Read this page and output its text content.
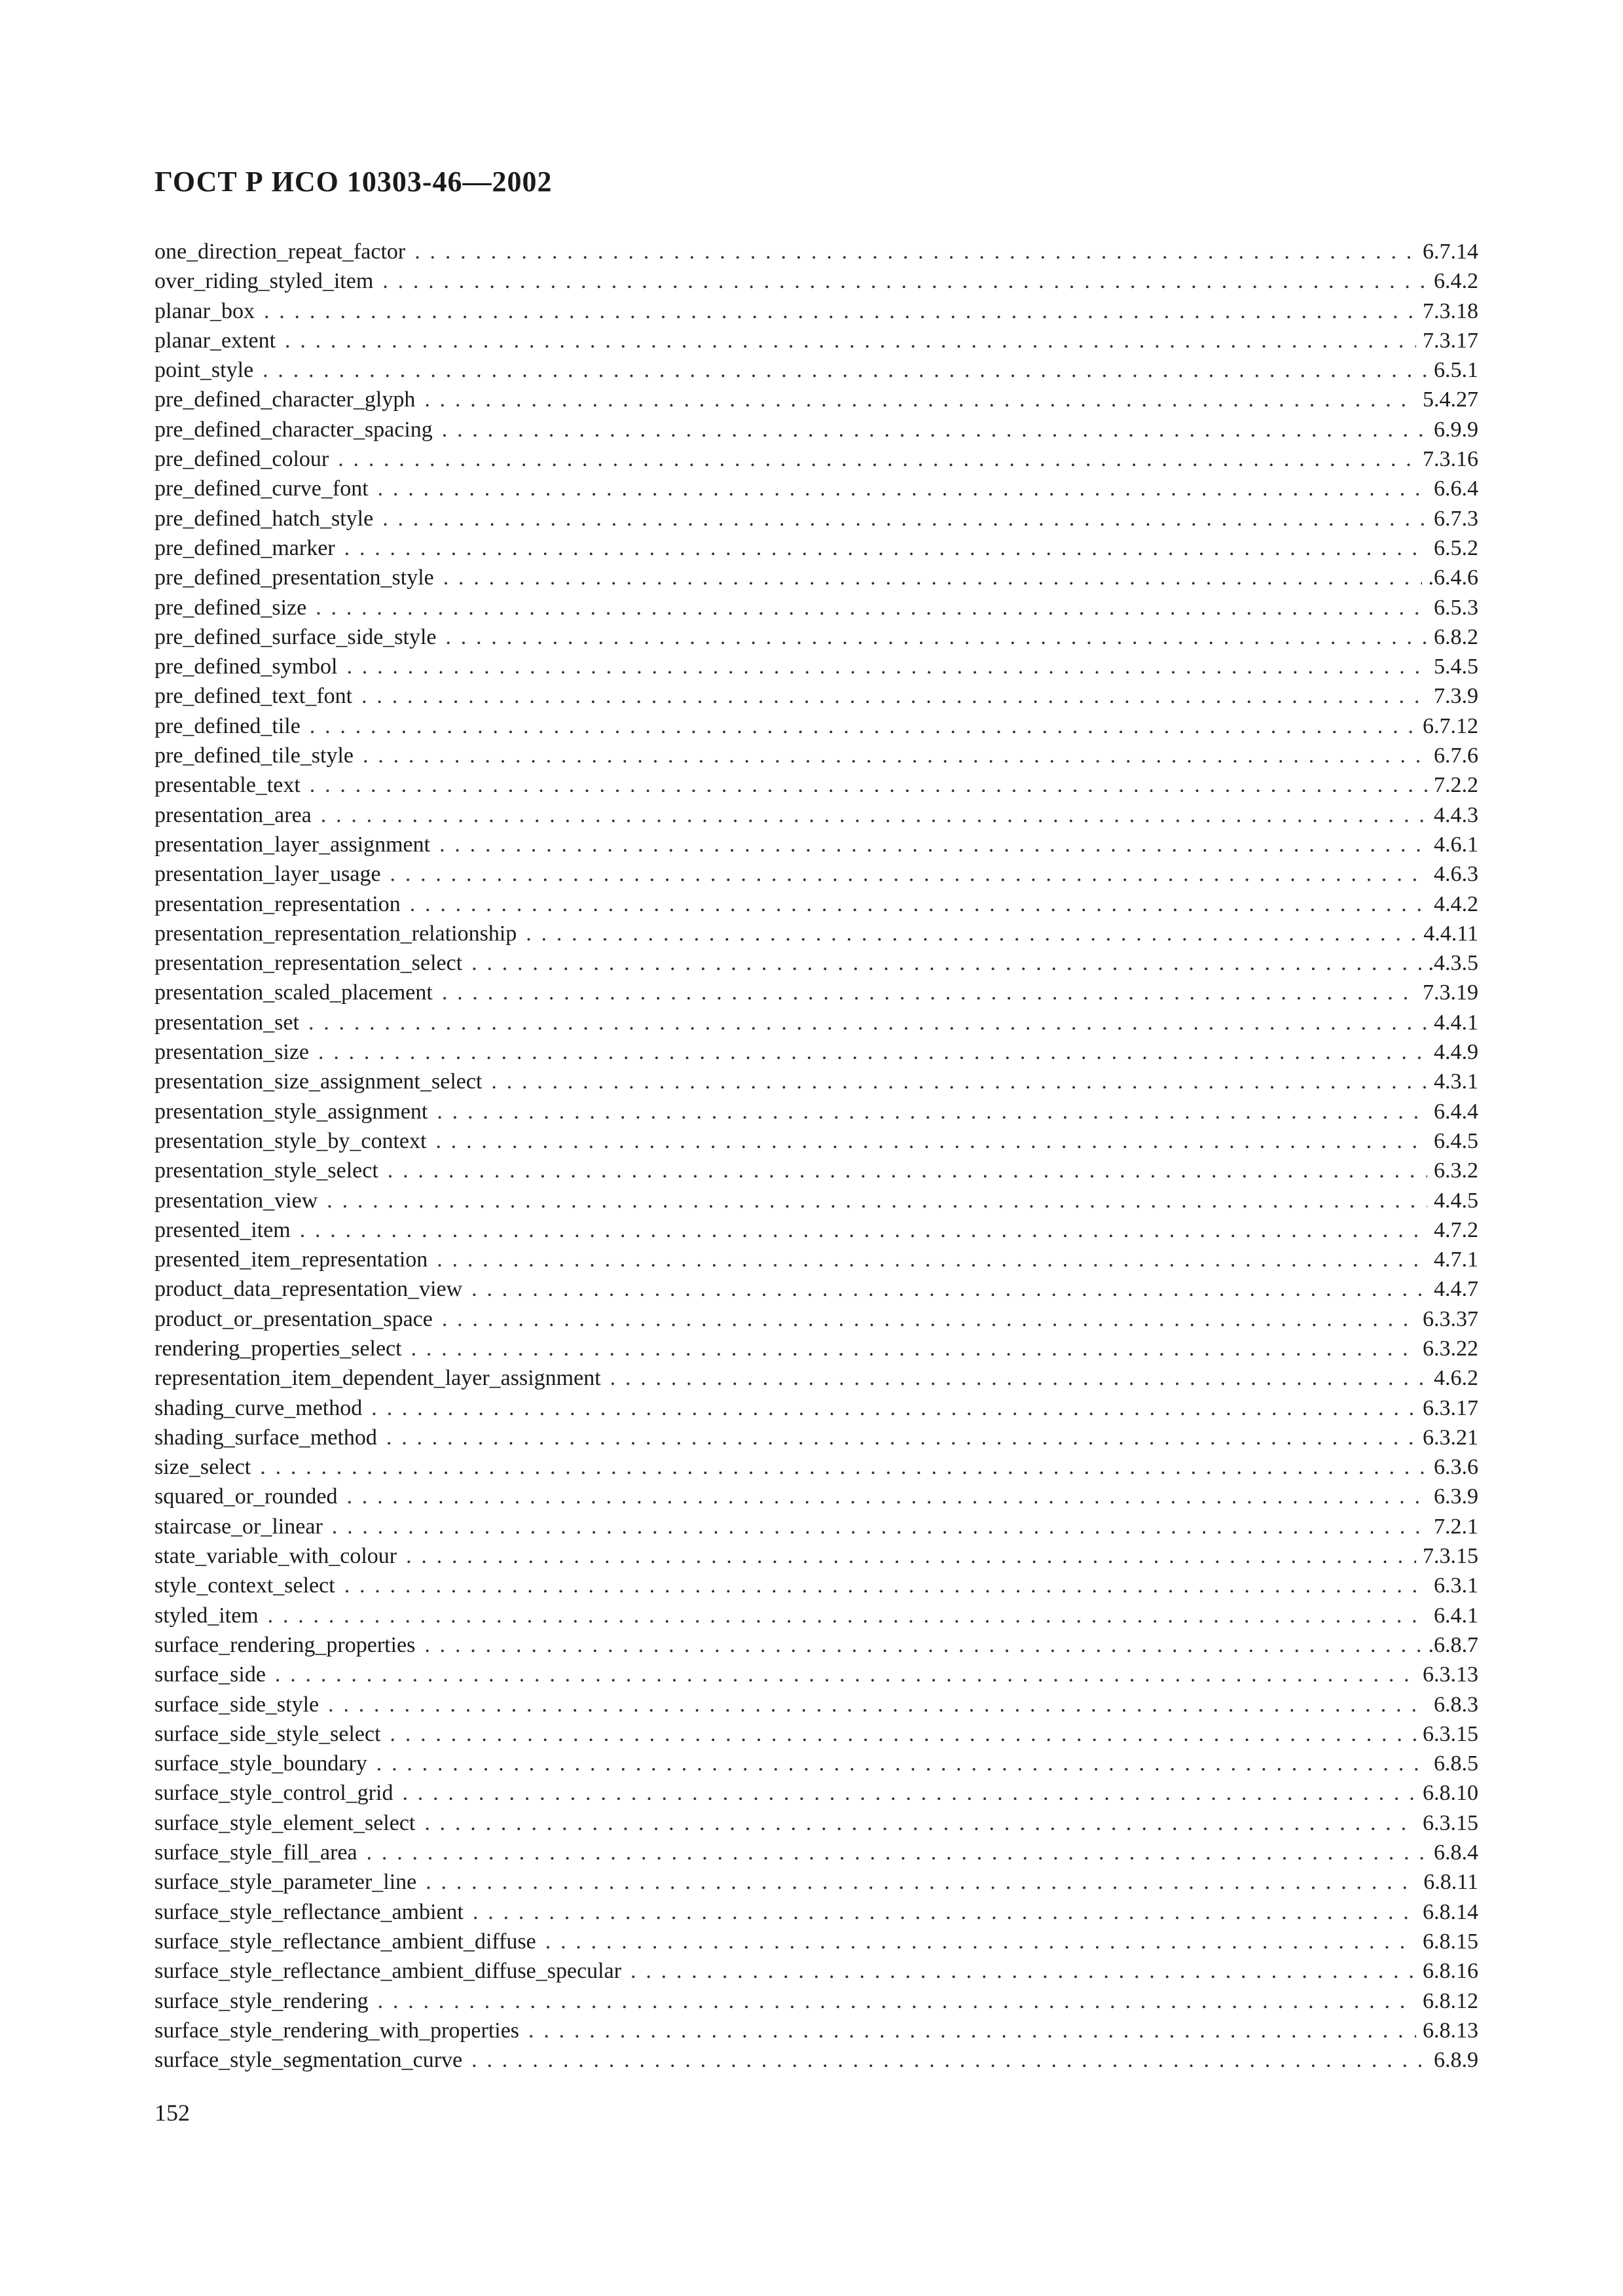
ГОСТ Р ИСО 10303-46—2002
one_direction_repeat_factor . . .	6.7.14
over_riding_styled_item . . .	6.4.2
planar_box . . .	7.3.18
planar_extent . . .	7.3.17
point_style . . .	6.5.1
pre_defined_character_glyph . . .	5.4.27
pre_defined_character_spacing . . .	6.9.9
pre_defined_colour . . .	7.3.16
pre_defined_curve_font . . .	6.6.4
pre_defined_hatch_style . . .	6.7.3
pre_defined_marker . . .	6.5.2
pre_defined_presentation_style . . .	.6.4.6
pre_defined_size . . .	6.5.3
pre_defined_surface_side_style . . .	6.8.2
pre_defined_symbol . . .	5.4.5
pre_defined_text_font . . .	7.3.9
pre_defined_tile . . .	6.7.12
pre_defined_tile_style . . .	6.7.6
presentable_text . . .	7.2.2
presentation_area . . .	4.4.3
presentation_layer_assignment . . .	4.6.1
presentation_layer_usage . . .	4.6.3
presentation_representation . . .	4.4.2
presentation_representation_relationship . . .	4.4.11
presentation_representation_select . . .	.4.3.5
presentation_scaled_placement . . .	7.3.19
presentation_set . . .	4.4.1
presentation_size . . .	4.4.9
presentation_size_assignment_select . . .	4.3.1
presentation_style_assignment . . .	6.4.4
presentation_style_by_context . . .	6.4.5
presentation_style_select . . .	6.3.2
presentation_view . . .	4.4.5
presented_item . . .	4.7.2
presented_item_representation . . .	4.7.1
product_data_representation_view . . .	4.4.7
product_or_presentation_space . . .	6.3.37
rendering_properties_select . . .	6.3.22
representation_item_dependent_layer_assignment . . .	4.6.2
shading_curve_method . . .	6.3.17
shading_surface_method . . .	6.3.21
size_select . . .	6.3.6
squared_or_rounded . . .	6.3.9
staircase_or_linear . . .	7.2.1
state_variable_with_colour . . .	7.3.15
style_context_select . . .	6.3.1
styled_item . . .	6.4.1
surface_rendering_properties . . .	.6.8.7
surface_side . . .	6.3.13
surface_side_style . . .	6.8.3
surface_side_style_select . . .	6.3.15
surface_style_boundary . . .	6.8.5
surface_style_control_grid . . .	6.8.10
surface_style_element_select . . .	6.3.15
surface_style_fill_area . . .	6.8.4
surface_style_parameter_line . . .	6.8.11
surface_style_reflectance_ambient . . .	6.8.14
surface_style_reflectance_ambient_diffuse . . .	6.8.15
surface_style_reflectance_ambient_diffuse_specular . . .	6.8.16
surface_style_rendering . . .	6.8.12
surface_style_rendering_with_properties . . .	6.8.13
surface_style_segmentation_curve . . .	6.8.9

152
